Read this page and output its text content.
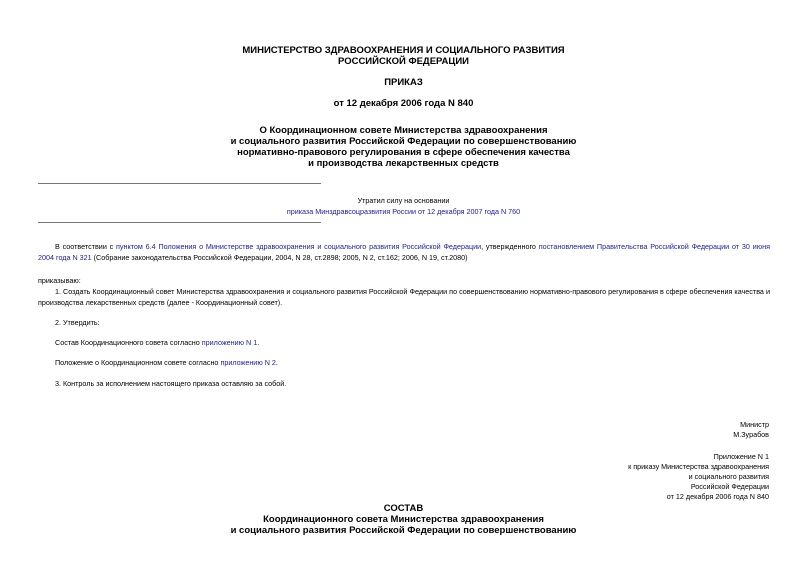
МИНИСТЕРСТВО ЗДРАВООХРАНЕНИЯ И СОЦИАЛЬНОГО РАЗВИТИЯ
РОССИЙСКОЙ ФЕДЕРАЦИИ
ПРИКАЗ
от 12 декабря 2006 года N 840
О Координационном совете Министерства здравоохранения
и социального развития Российской Федерации по совершенствованию
нормативно-правового регулирования в сфере обеспечения качества
и производства лекарственных средств
Утратил силу на основании
приказа Минздравсоцразвития России от 12 декабря 2007 года N 760
В соответствии с пунктом 6.4 Положения о Министерстве здравоохранения и социального развития Российской Федерации, утвержденного постановлением Правительства Российской Федерации от 30 июня 2004 года N 321 (Собрание законодательства Российской Федерации, 2004, N 28, ст.2898; 2005, N 2, ст.162; 2006, N 19, ст.2080)
приказываю:
1. Создать Координационный совет Министерства здравоохранения и социального развития Российской Федерации по совершенствованию нормативно-правового регулирования в сфере обеспечения качества и производства лекарственных средств (далее - Координационный совет).
2. Утвердить:
Состав Координационного совета согласно приложению N 1.
Положение о Координационном совете согласно приложению N 2.
3. Контроль за исполнением настоящего приказа оставляю за собой.
Министр
М.Зурабов
Приложение N 1
к приказу Министерства здравоохранения
и социального развития
Российской Федерации
от 12 декабря 2006 года N 840
СОСТАВ
Координационного совета Министерства здравоохранения
и социального развития Российской Федерации по совершенствованию
